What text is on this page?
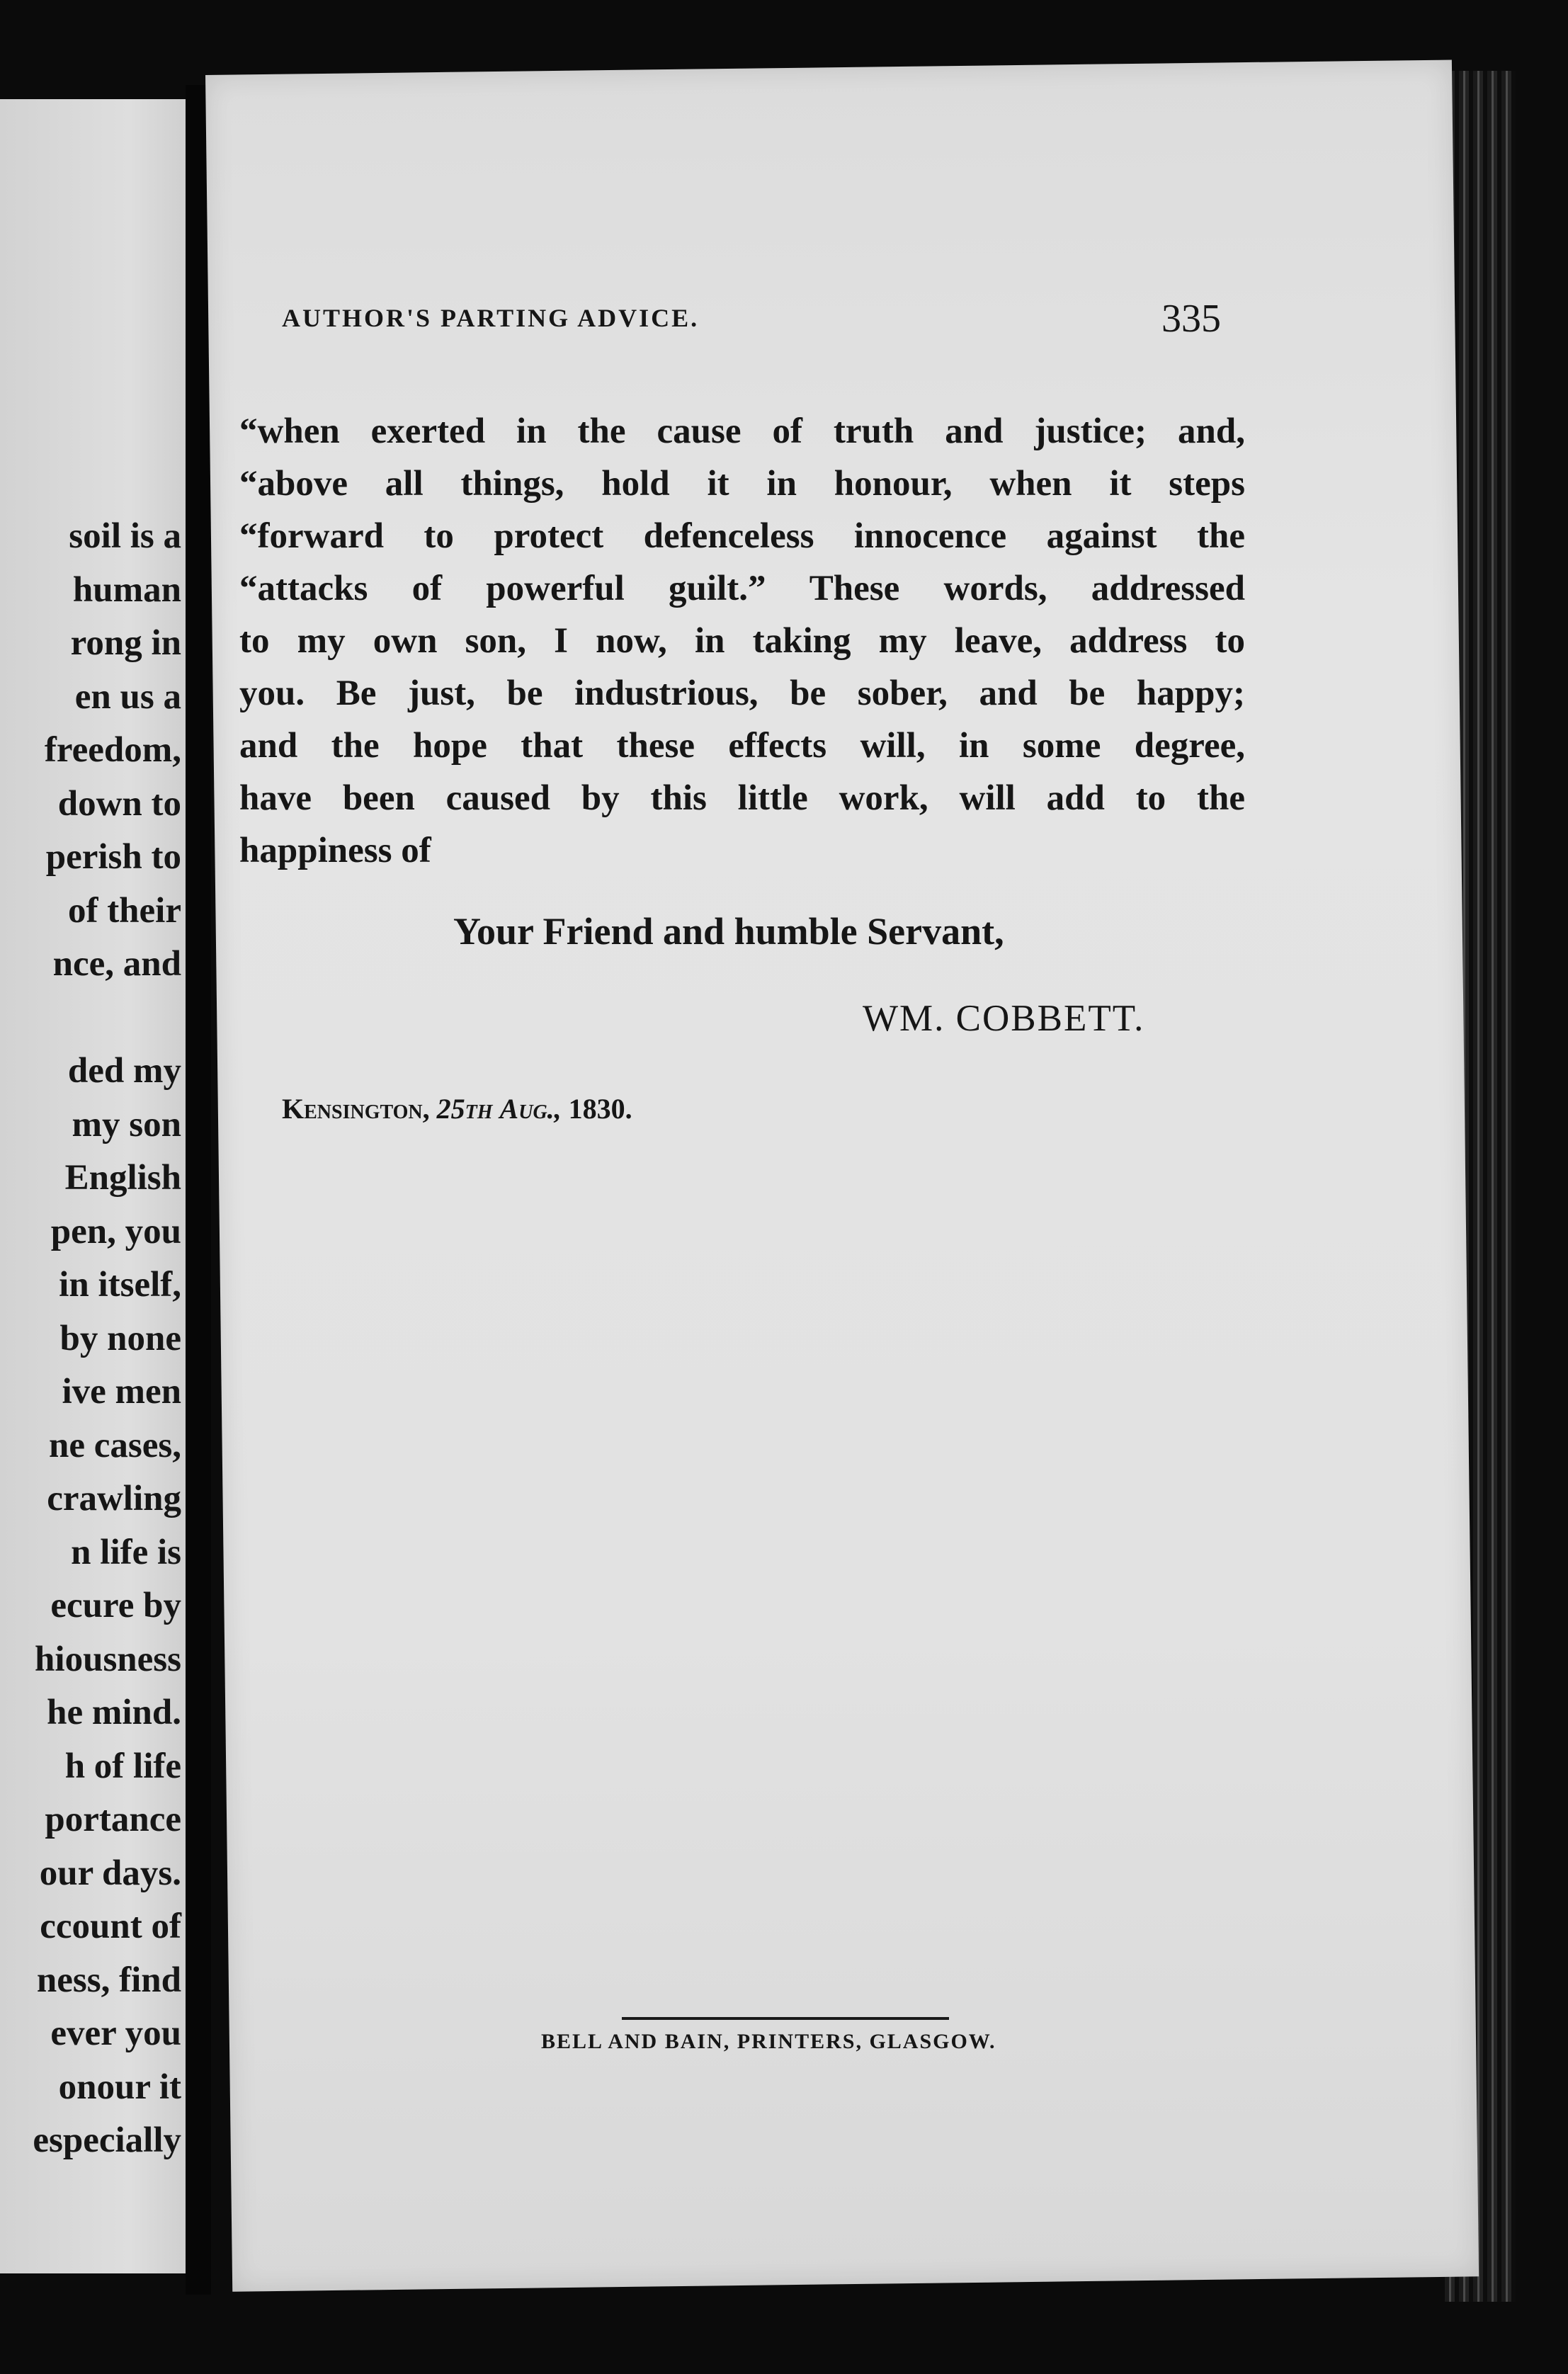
soil is a
human
rong in
en us a
freedom,
down to
perish to
of their
nce, and

ded my
my son
English
pen, you
in itself,
by none
ive men
ne cases,
crawling
n life is
ecure by
hiousness
he mind.
h of life
portance
our days.
ccount of
ness, find
ever you
onour it
especially
AUTHOR'S PARTING ADVICE.	335
“when exerted in the cause of truth and justice; and,
“above all things, hold it in honour, when it steps
“forward to protect defenceless innocence against the
“attacks of powerful guilt.” These words, addressed
to my own son, I now, in taking my leave, address to
you. Be just, be industrious, be sober, and be happy;
and the hope that these effects will, in some degree,
have been caused by this little work, will add to the
happiness of
Your Friend and humble Servant,
WM. COBBETT.
Kensington, 25th Aug., 1830.
BELL AND BAIN, PRINTERS, GLASGOW.
